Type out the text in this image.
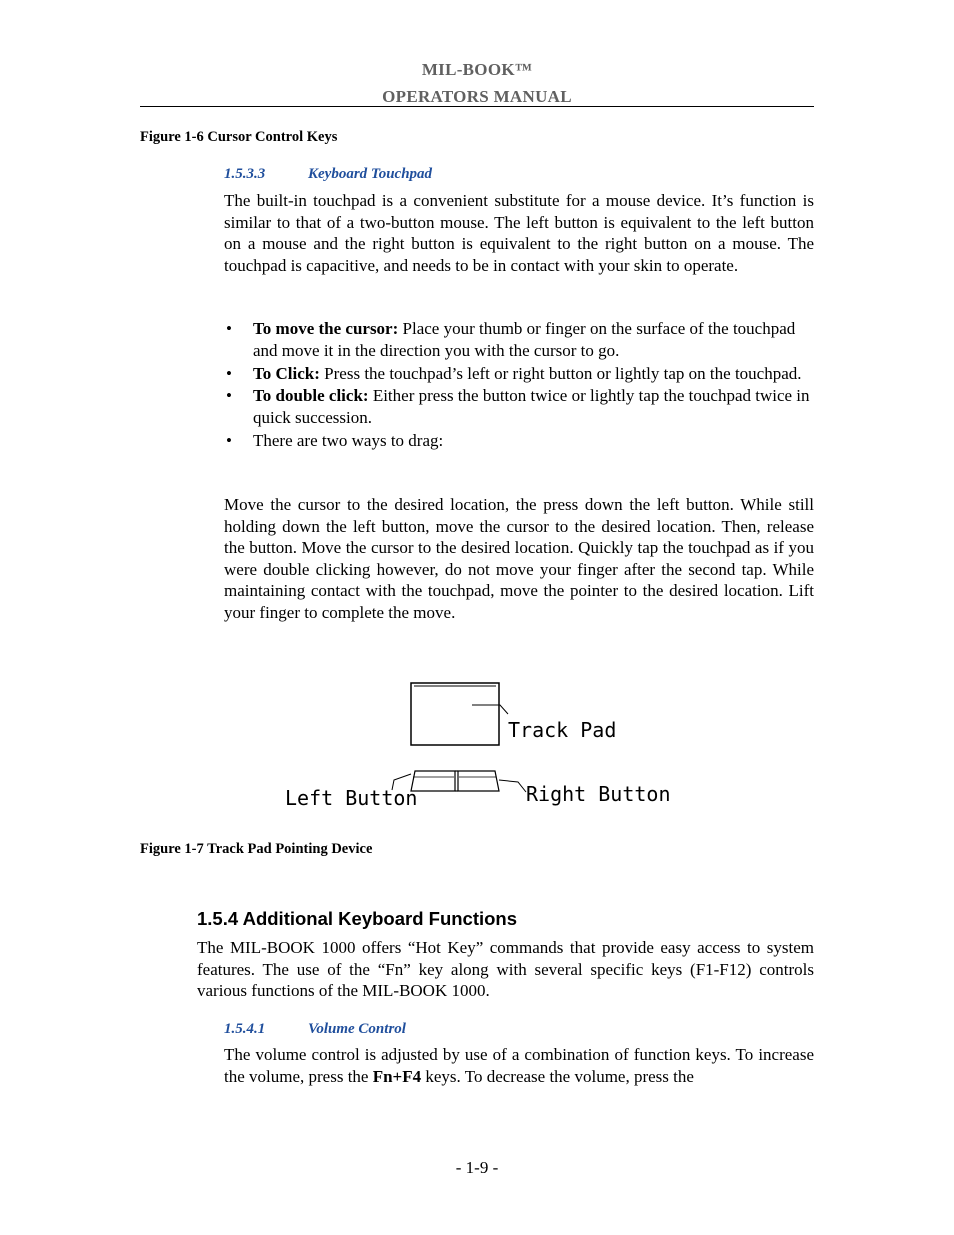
MIL-BOOK™
OPERATORS MANUAL
Figure 1-6 Cursor Control Keys
1.5.3.3	Keyboard Touchpad

The built-in touchpad is a convenient substitute for a mouse device. It’s function is similar to that of a two-button mouse. The left button is equivalent to the left button on a mouse and the right button is equivalent to the right button on a mouse. The touchpad is capacitive, and needs to be in contact with your skin to operate.

• To move the cursor: Place your thumb or finger on the surface of the touchpad and move it in the direction you with the cursor to go.
• To Click: Press the touchpad’s left or right button or lightly tap on the touchpad.
• To double click: Either press the button twice or lightly tap the touchpad twice in quick succession.
• There are two ways to drag:

Move the cursor to the desired location, the press down the left button. While still holding down the left button, move the cursor to the desired location. Then, release the button. Move the cursor to the desired location. Quickly tap the touchpad as if you were double clicking however, do not move your finger after the second tap. While maintaining contact with the touchpad, move the pointer to the desired location. Lift your finger to complete the move.

Track Pad
Left Button	Right Button
Figure 1-7 Track Pad Pointing Device
1.5.4 Additional Keyboard Functions

The MIL-BOOK 1000 offers “Hot Key” commands that provide easy access to system features. The use of the “Fn” key along with several specific keys (F1-F12) controls various functions of the MIL-BOOK 1000.

1.5.4.1	Volume Control

The volume control is adjusted by use of a combination of function keys. To increase the volume, press the Fn+F4 keys. To decrease the volume, press the

- 1-9 -
